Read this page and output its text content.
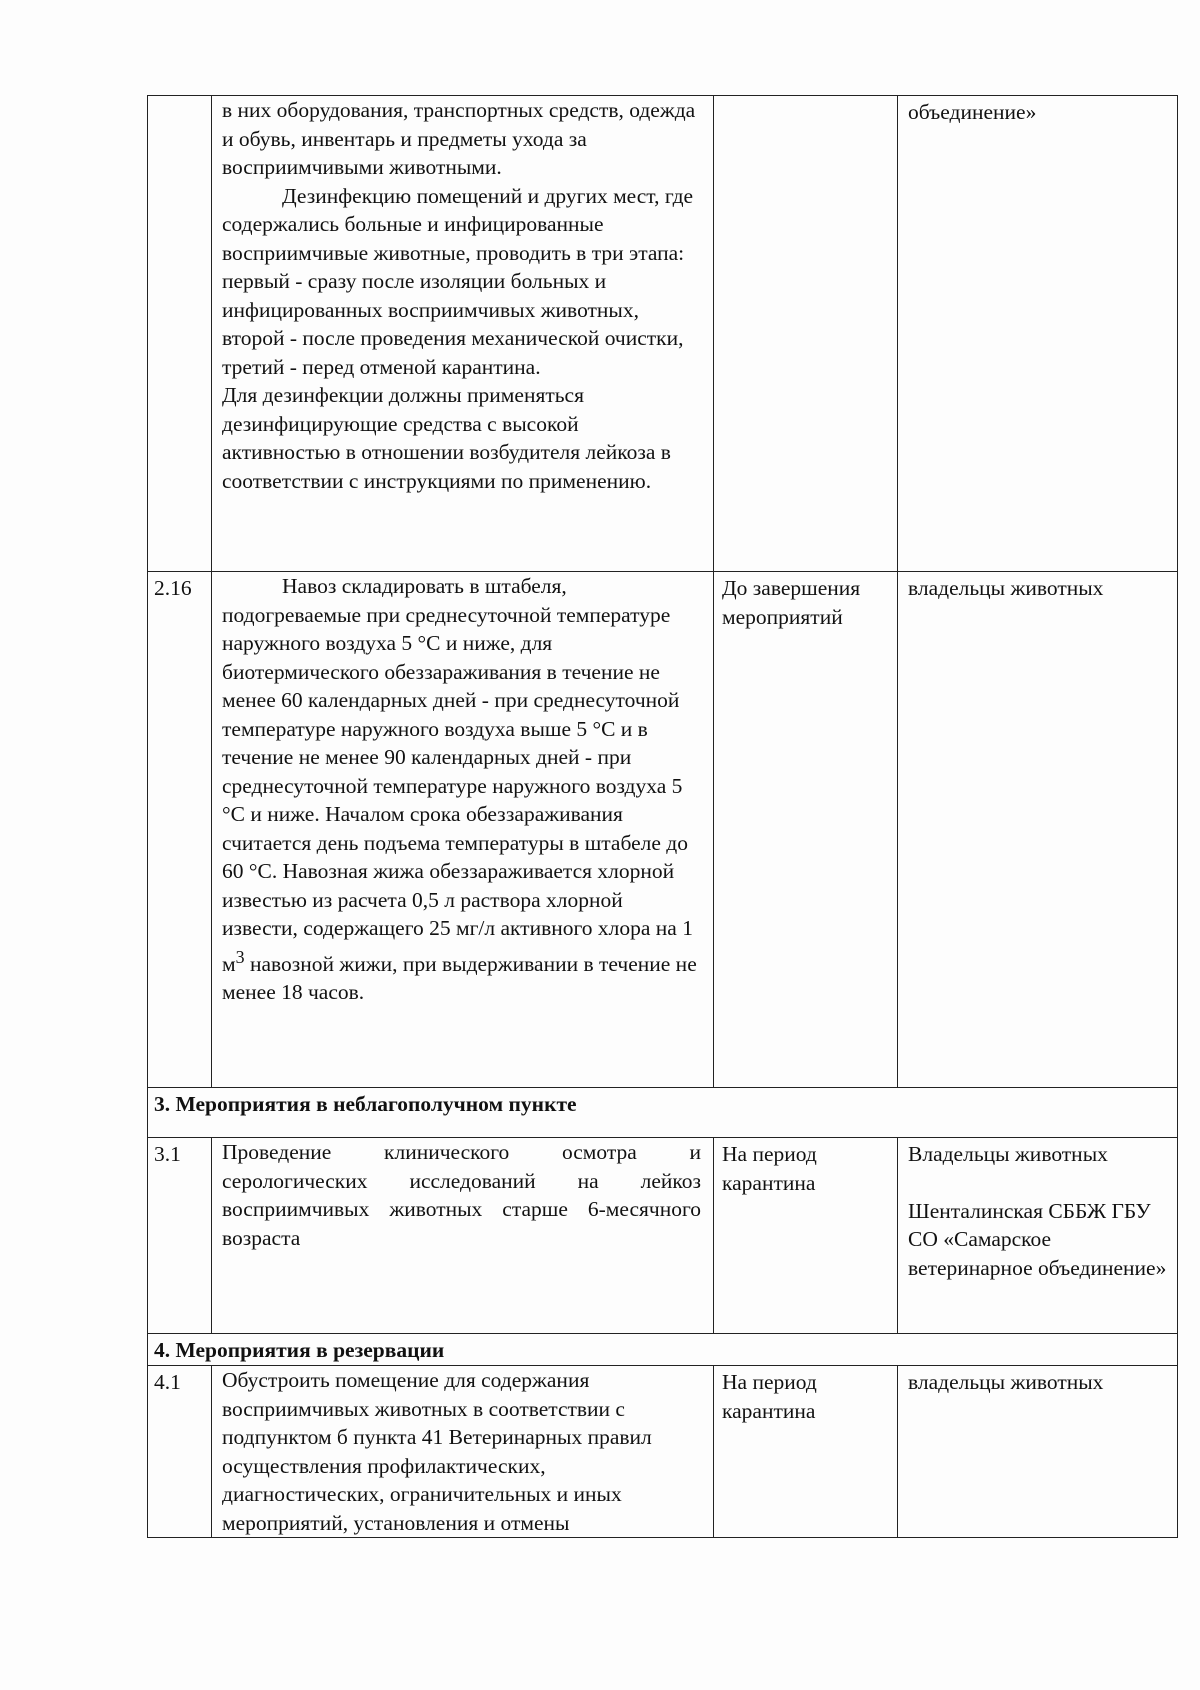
	в них оборудования, транспортных средств, одежда и обувь, инвентарь и предметы ухода за восприимчивыми животными.

Дезинфекцию помещений и других мест, где содержались больные и инфицированные восприимчивые животные, проводить в три этапа: первый - сразу после изоляции больных и инфицированных восприимчивых животных, второй - после проведения механической очистки, третий - перед отменой карантина.

Для дезинфекции должны применяться дезинфицирующие средства с высокой активностью в отношении возбудителя лейкоза в соответствии с инструкциями по применению.		объединение»
2.16	Навоз складировать в штабеля, подогреваемые при среднесуточной температуре наружного воздуха 5 °С и ниже, для биотермического обеззараживания в течение не менее 60 календарных дней - при среднесуточной температуре наружного воздуха выше 5 °С и в течение не менее 90 календарных дней - при среднесуточной температуре наружного воздуха 5 °С и ниже. Началом срока обеззараживания считается день подъема температуры в штабеле до 60 °С. Навозная жижа обеззараживается хлорной известью из расчета 0,5 л раствора хлорной извести, содержащего 25 мг/л активного хлора на 1 $м^3$ навозной жижи, при выдерживании в течение не менее 18 часов.	До завершения мероприятий	владельцы животных
3. Мероприятия в неблагополучном пункте			
3.1	Проведение клинического осмотра и серологических исследований на лейкоз восприимчивых животных старше 6-месячного возраста	На период карантина	Владельцы животных
Шенталинская СББЖ ГБУ СО «Самарское ветеринарное объединение»

4. Мероприятия в резервации			
4.1	Обустроить помещение для содержания восприимчивых животных в соответствии с подпунктом б пункта 41 Ветеринарных правил осуществления профилактических, диагностических, ограничительных и иных мероприятий, установления и отмены	На период карантина	владельцы животных
